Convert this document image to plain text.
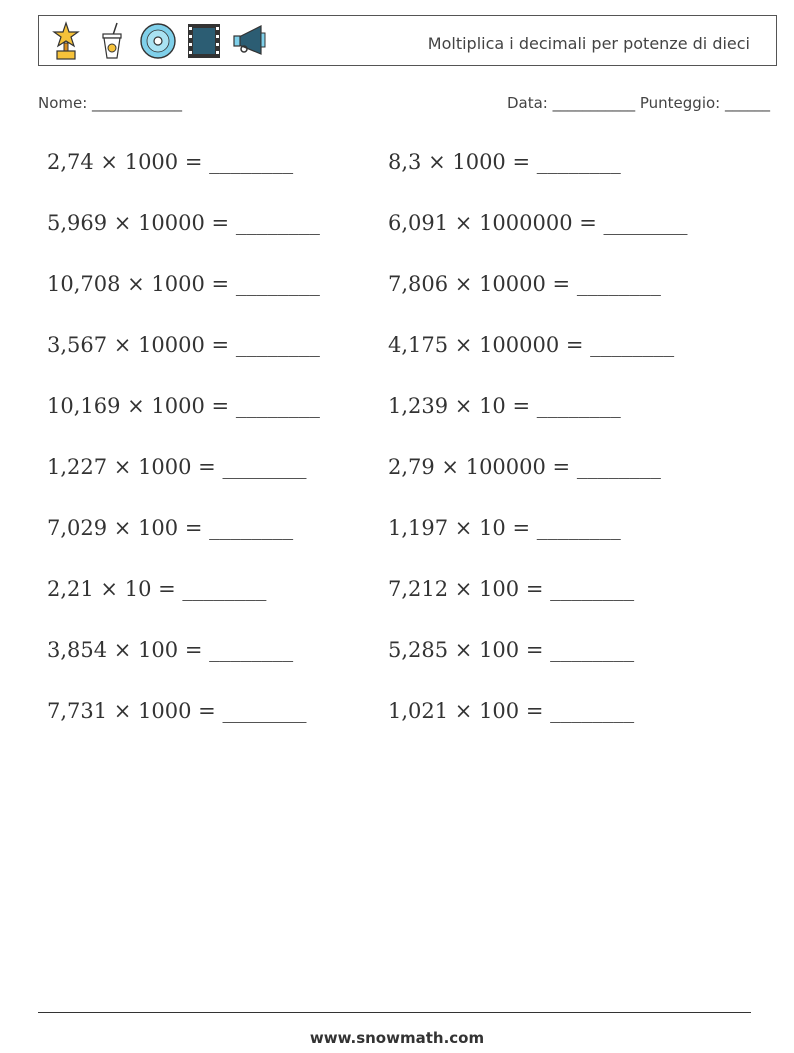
Moltiplica i decimali per potenze di dieci
Nome: ____________	Data: ___________ Punteggio: ______
2,74 × 1000 = ________	8,3 × 1000 = ________
5,969 × 10000 = ________	6,091 × 1000000 = ________
10,708 × 1000 = ________	7,806 × 10000 = ________
3,567 × 10000 = ________	4,175 × 100000 = ________
10,169 × 1000 = ________	1,239 × 10 = ________
1,227 × 1000 = ________	2,79 × 100000 = ________
7,029 × 100 = ________	1,197 × 10 = ________
2,21 × 10 = ________	7,212 × 100 = ________
3,854 × 100 = ________	5,285 × 100 = ________
7,731 × 1000 = ________	1,021 × 100 = ________
www.snowmath.com
